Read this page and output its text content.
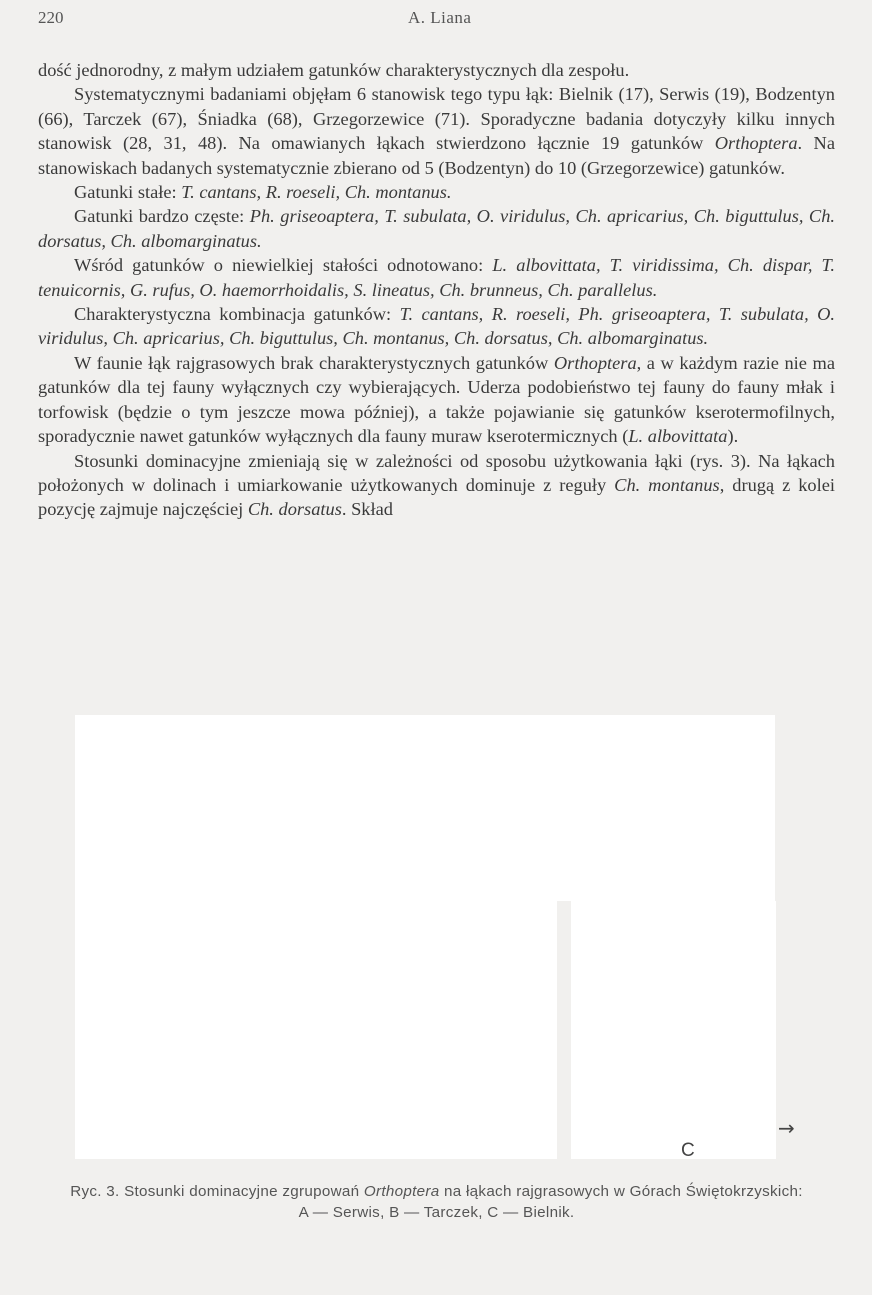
220	A. Liana

dość jednorodny, z małym udziałem gatunków charakterystycznych dla zespołu.

Systematycznymi badaniami objęłam 6 stanowisk tego typu łąk: Bielnik (17), Serwis (19), Bodzentyn (66), Tarczek (67), Śniadka (68), Grzegorzewice (71). Sporadyczne badania dotyczyły kilku innych stanowisk (28, 31, 48). Na omawianych łąkach stwierdzono łącznie 19 gatunków Orthoptera. Na stanowiskach badanych systematycznie zbierano od 5 (Bodzentyn) do 10 (Grzegorzewice) gatunków.

Gatunki stałe: T. cantans, R. roeseli, Ch. montanus.

Gatunki bardzo częste: Ph. griseoaptera, T. subulata, O. viridulus, Ch. apricarius, Ch. biguttulus, Ch. dorsatus, Ch. albomarginatus.

Wśród gatunków o niewielkiej stałości odnotowano: L. albovittata, T. viridissima, Ch. dispar, T. tenuicornis, G. rufus, O. haemorrhoidalis, S. lineatus, Ch. brunneus, Ch. parallelus.

Charakterystyczna kombinacja gatunków: T. cantans, R. roeseli, Ph. griseoaptera, T. subulata, O. viridulus, Ch. apricarius, Ch. biguttulus, Ch. montanus, Ch. dorsatus, Ch. albomarginatus.

W faunie łąk rajgrasowych brak charakterystycznych gatunków Orthoptera, a w każdym razie nie ma gatunków dla tej fauny wyłącznych czy wybierających. Uderza podobieństwo tej fauny do fauny młak i torfowisk (będzie o tym jeszcze mowa później), a także pojawianie się gatunków kserotermofilnych, sporadycznie nawet gatunków wyłącznych dla fauny muraw kserotermicznych (L. albovittata).

Stosunki dominacyjne zmieniają się w zależności od sposobu użytkowania łąki (rys. 3). Na łąkach położonych w dolinach i umiarkowanie użytkowanych dominuje z reguły Ch. montanus, drugą z kolei pozycję zajmuje najczęściej Ch. dorsatus. Skład

→
C
Ryc. 3. Stosunki dominacyjne zgrupowań Orthoptera na łąkach rajgrasowych w Górach Świętokrzyskich:
A — Serwis, B — Tarczek, C — Bielnik.
